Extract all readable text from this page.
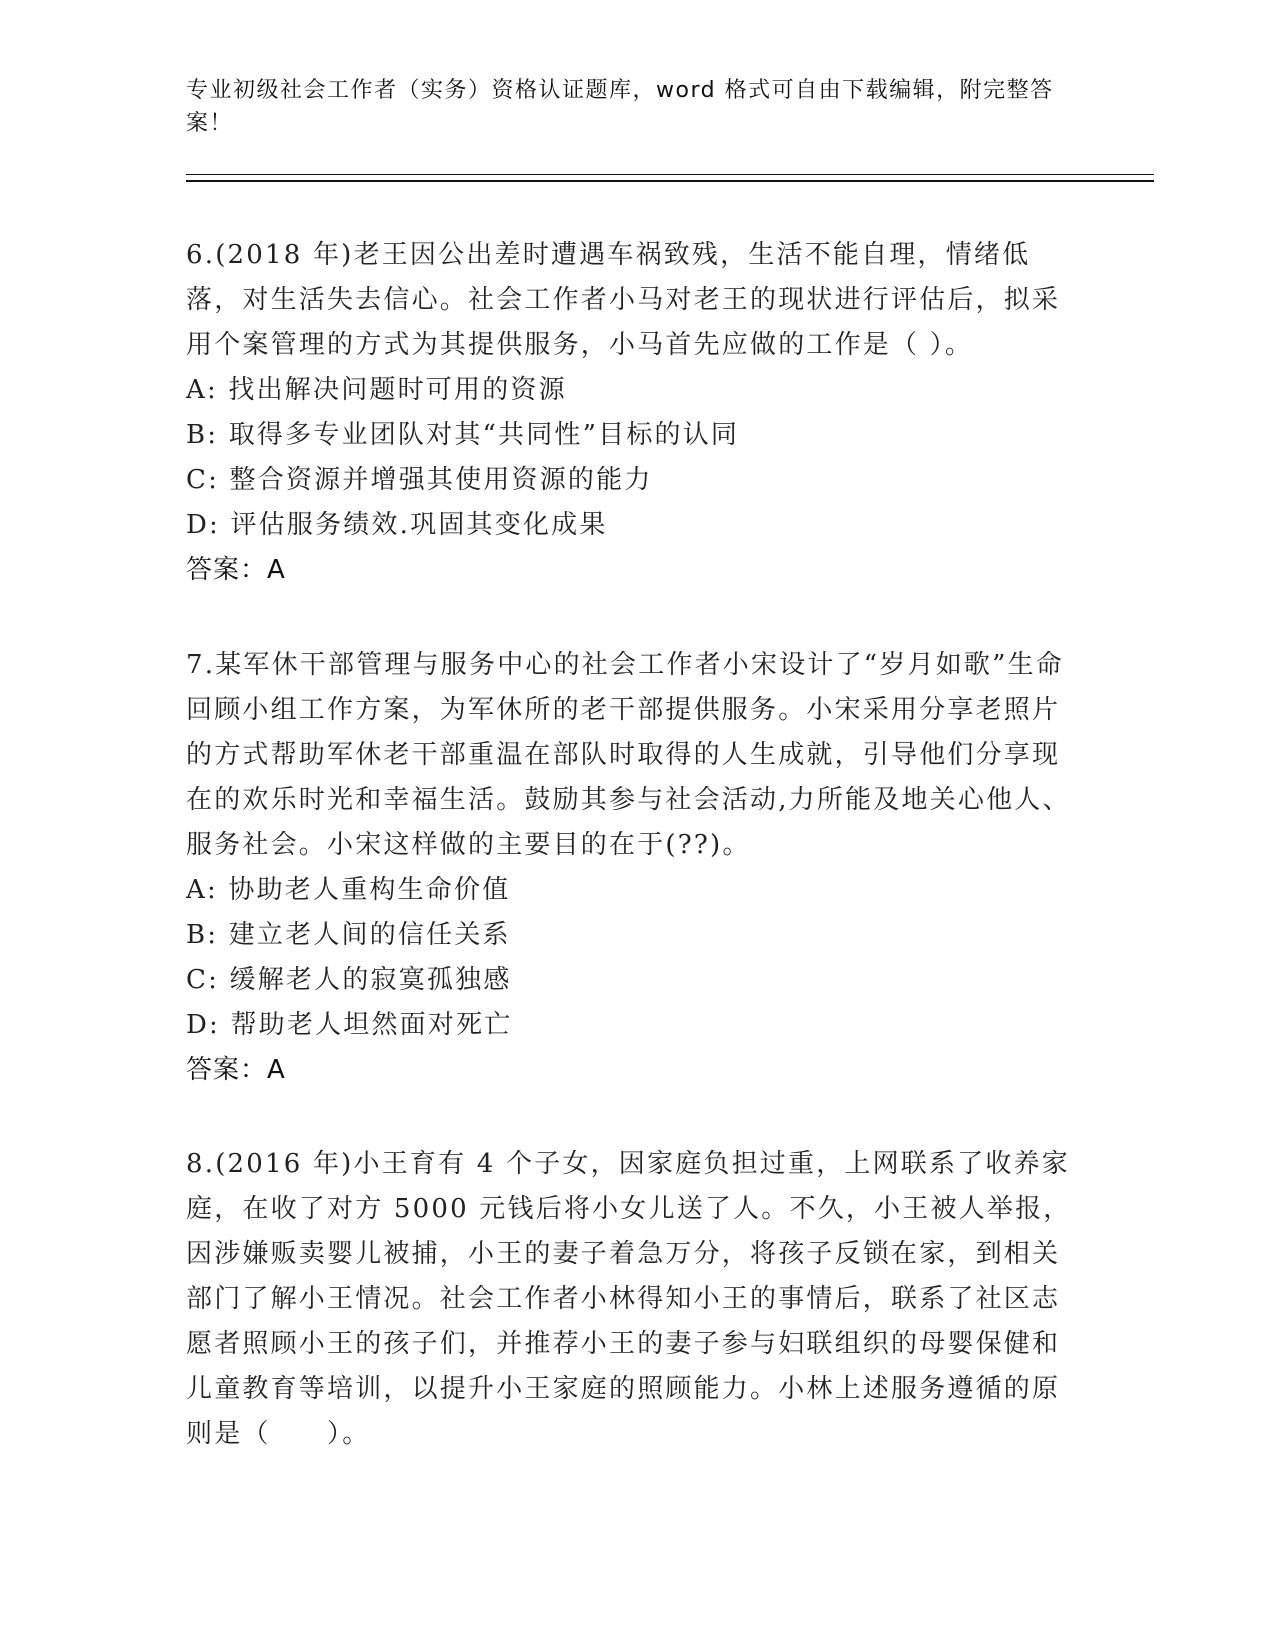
专业初级社会工作者（实务）资格认证题库，word 格式可自由下载编辑，附完整答案！

6.(2018 年)老王因公出差时遭遇车祸致残，生活不能自理，情绪低落，对生活失去信心。社会工作者小马对老王的现状进行评估后，拟采用个案管理的方式为其提供服务，小马首先应做的工作是（ ）。

A: 找出解决问题时可用的资源

B: 取得多专业团队对其“共同性”目标的认同

C: 整合资源并增强其使用资源的能力

D: 评估服务绩效.巩固其变化成果

答案：A

7.某军休干部管理与服务中心的社会工作者小宋设计了“岁月如歌”生命回顾小组工作方案，为军休所的老干部提供服务。小宋采用分享老照片的方式帮助军休老干部重温在部队时取得的人生成就，引导他们分享现在的欢乐时光和幸福生活。鼓励其参与社会活动,力所能及地关心他人、服务社会。小宋这样做的主要目的在于(??)。

A: 协助老人重构生命价值

B: 建立老人间的信任关系

C: 缓解老人的寂寞孤独感

D: 帮助老人坦然面对死亡

答案：A

8.(2016 年)小王育有 4 个子女，因家庭负担过重，上网联系了收养家庭，在收了对方 5000 元钱后将小女儿送了人。不久，小王被人举报，因涉嫌贩卖婴儿被捕，小王的妻子着急万分，将孩子反锁在家，到相关部门了解小王情况。社会工作者小林得知小王的事情后，联系了社区志愿者照顾小王的孩子们，并推荐小王的妻子参与妇联组织的母婴保健和儿童教育等培训，以提升小王家庭的照顾能力。小林上述服务遵循的原则是（　　）。
